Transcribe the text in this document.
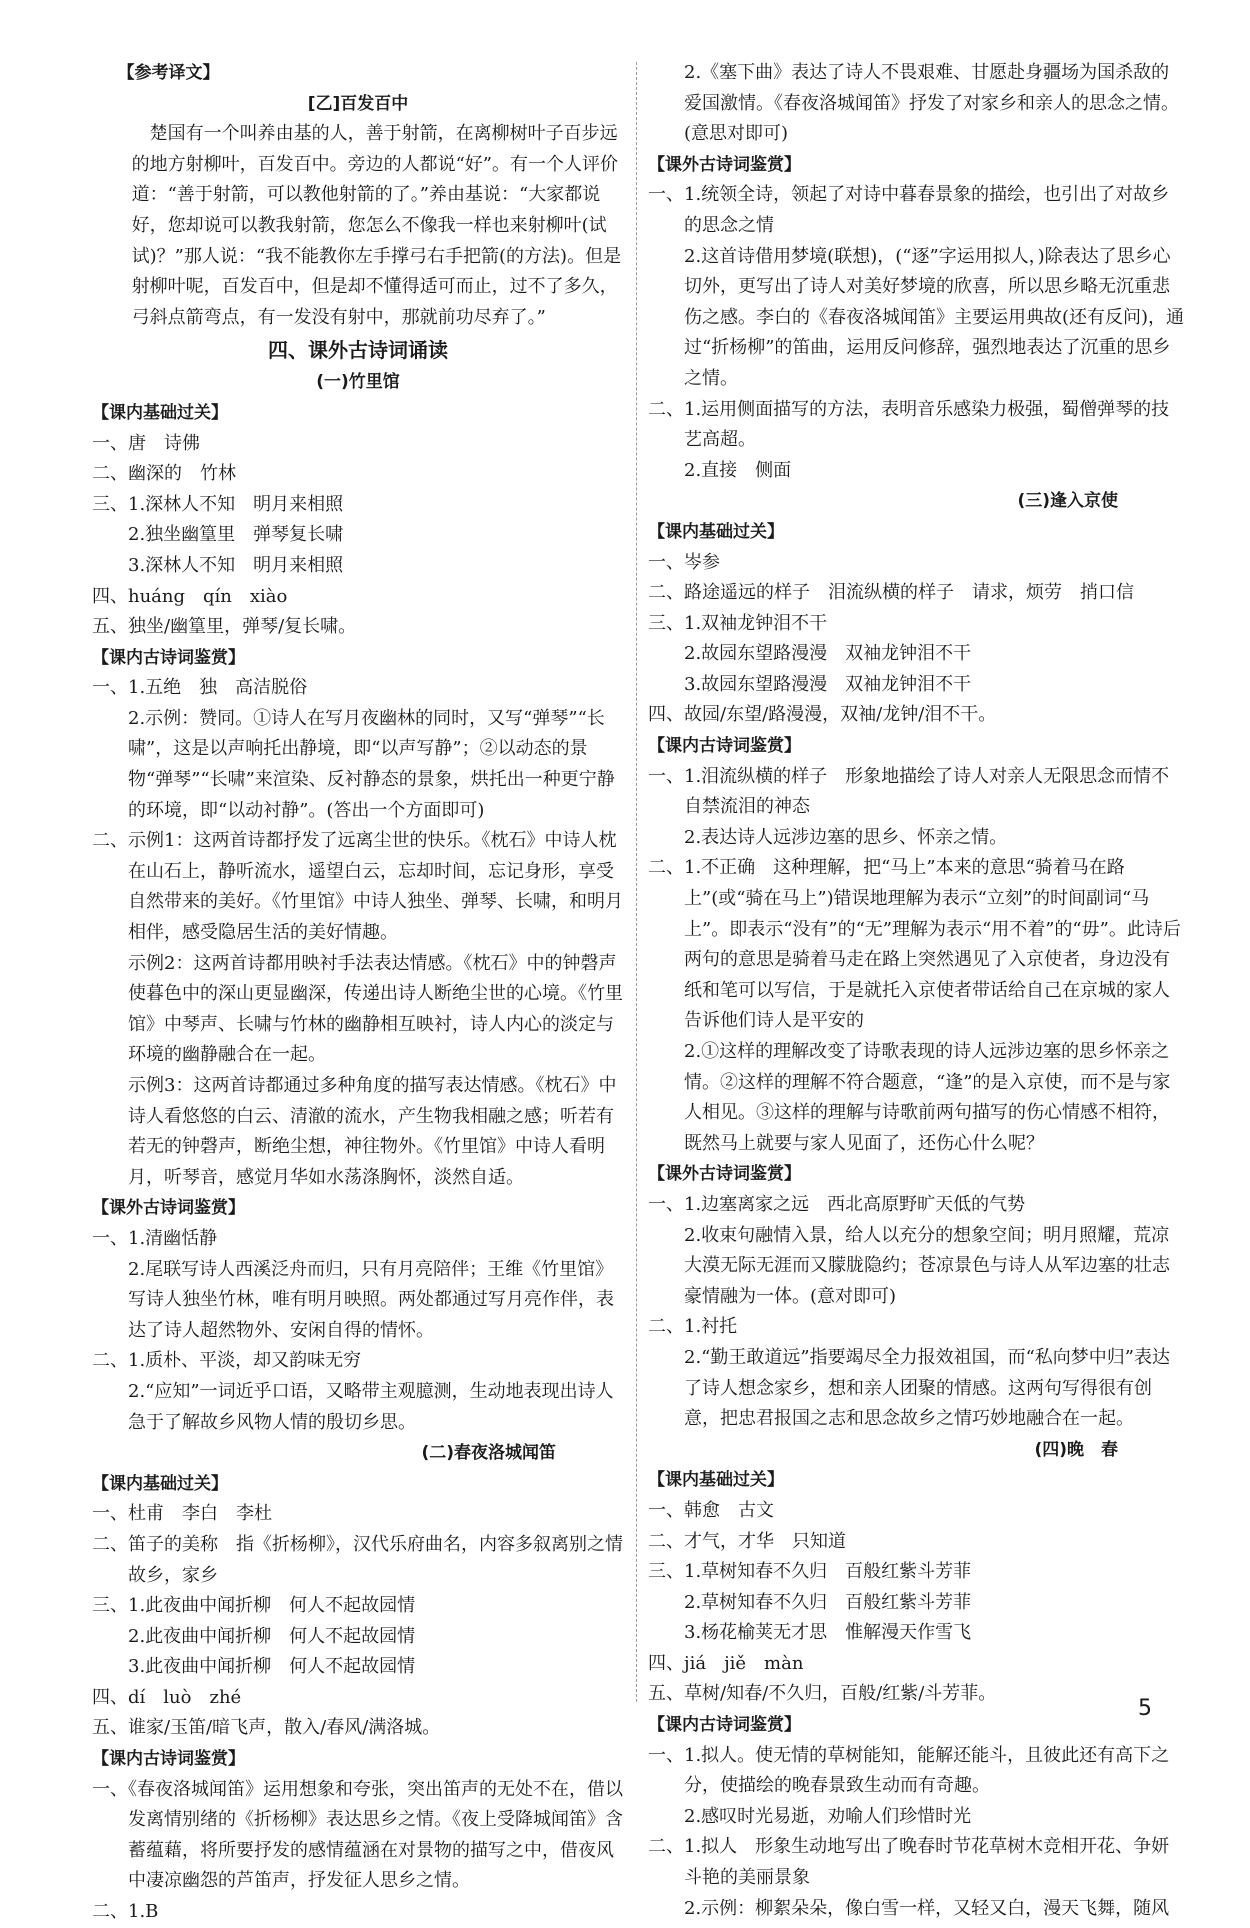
【参考译文】

[乙]百发百中

楚国有一个叫养由基的人，善于射箭，在离柳树叶子百步远的地方射柳叶，百发百中。旁边的人都说“好”。有一个人评价道：“善于射箭，可以教他射箭的了。”养由基说：“大家都说好，您却说可以教我射箭，您怎么不像我一样也来射柳叶(试试)？”那人说：“我不能教你左手撑弓右手把箭(的方法)。但是射柳叶呢，百发百中，但是却不懂得适可而止，过不了多久，弓斜点箭弯点，有一发没有射中，那就前功尽弃了。”

四、课外古诗词诵读

(一)竹里馆

【课内基础过关】

一、唐　诗佛

二、幽深的　竹林

三、1.深林人不知　明月来相照

2.独坐幽篁里　弹琴复长啸

3.深林人不知　明月来相照

四、huáng　qín　xiào

五、独坐/幽篁里，弹琴/复长啸。

【课内古诗词鉴赏】

一、1.五绝　独　高洁脱俗

2.示例：赞同。①诗人在写月夜幽林的同时，又写“弹琴”“长啸”，这是以声响托出静境，即“以声写静”；②以动态的景物“弹琴”“长啸”来渲染、反衬静态的景象，烘托出一种更宁静的环境，即“以动衬静”。(答出一个方面即可)

二、示例1：这两首诗都抒发了远离尘世的快乐。《枕石》中诗人枕在山石上，静听流水，遥望白云，忘却时间，忘记身形，享受自然带来的美好。《竹里馆》中诗人独坐、弹琴、长啸，和明月相伴，感受隐居生活的美好情趣。

示例2：这两首诗都用映衬手法表达情感。《枕石》中的钟磬声使暮色中的深山更显幽深，传递出诗人断绝尘世的心境。《竹里馆》中琴声、长啸与竹林的幽静相互映衬，诗人内心的淡定与环境的幽静融合在一起。

示例3：这两首诗都通过多种角度的描写表达情感。《枕石》中诗人看悠悠的白云、清澈的流水，产生物我相融之感；听若有若无的钟磬声，断绝尘想，神往物外。《竹里馆》中诗人看明月，听琴音，感觉月华如水荡涤胸怀，淡然自适。

【课外古诗词鉴赏】

一、1.清幽恬静

2.尾联写诗人西溪泛舟而归，只有月亮陪伴；王维《竹里馆》写诗人独坐竹林，唯有明月映照。两处都通过写月亮作伴，表达了诗人超然物外、安闲自得的情怀。

二、1.质朴、平淡，却又韵味无穷

2.“应知”一词近乎口语，又略带主观臆测，生动地表现出诗人急于了解故乡风物人情的殷切乡思。

(二)春夜洛城闻笛

【课内基础过关】

一、杜甫　李白　李杜

二、笛子的美称　指《折杨柳》，汉代乐府曲名，内容多叙离别之情　故乡，家乡

三、1.此夜曲中闻折柳　何人不起故园情

2.此夜曲中闻折柳　何人不起故园情

3.此夜曲中闻折柳　何人不起故园情

四、dí　luò　zhé

五、谁家/玉笛/暗飞声，散入/春风/满洛城。

【课内古诗词鉴赏】

一、《春夜洛城闻笛》运用想象和夸张，突出笛声的无处不在，借以发离情别绪的《折杨柳》表达思乡之情。《夜上受降城闻笛》含蓄蕴藉，将所要抒发的感情蕴涵在对景物的描写之中，借夜风中凄凉幽怨的芦笛声，抒发征人思乡之情。

二、1.B

2.《塞下曲》表达了诗人不畏艰难、甘愿赴身疆场为国杀敌的爱国激情。《春夜洛城闻笛》抒发了对家乡和亲人的思念之情。(意思对即可)

【课外古诗词鉴赏】

一、1.统领全诗，领起了对诗中暮春景象的描绘，也引出了对故乡的思念之情

2.这首诗借用梦境(联想)，(“逐”字运用拟人，)除表达了思乡心切外，更写出了诗人对美好梦境的欣喜，所以思乡略无沉重悲伤之感。李白的《春夜洛城闻笛》主要运用典故(还有反问)，通过“折杨柳”的笛曲，运用反问修辞，强烈地表达了沉重的思乡之情。

二、1.运用侧面描写的方法，表明音乐感染力极强，蜀僧弹琴的技艺高超。

2.直接　侧面

(三)逢入京使

【课内基础过关】

一、岑参

二、路途遥远的样子　泪流纵横的样子　请求，烦劳　捎口信

三、1.双袖龙钟泪不干

2.故园东望路漫漫　双袖龙钟泪不干

3.故园东望路漫漫　双袖龙钟泪不干

四、故园/东望/路漫漫，双袖/龙钟/泪不干。

【课内古诗词鉴赏】

一、1.泪流纵横的样子　形象地描绘了诗人对亲人无限思念而情不自禁流泪的神态

2.表达诗人远涉边塞的思乡、怀亲之情。

二、1.不正确　这种理解，把“马上”本来的意思“骑着马在路上”(或“骑在马上”)错误地理解为表示“立刻”的时间副词“马上”。即表示“没有”的“无”理解为表示“用不着”的“毋”。此诗后两句的意思是骑着马走在路上突然遇见了入京使者，身边没有纸和笔可以写信，于是就托入京使者带话给自己在京城的家人告诉他们诗人是平安的

2.①这样的理解改变了诗歌表现的诗人远涉边塞的思乡怀亲之情。②这样的理解不符合题意，“逢”的是入京使，而不是与家人相见。③这样的理解与诗歌前两句描写的伤心情感不相符，既然马上就要与家人见面了，还伤心什么呢？

【课外古诗词鉴赏】

一、1.边塞离家之远　西北高原野旷天低的气势

2.收束句融情入景，给人以充分的想象空间；明月照耀，荒凉大漠无际无涯而又朦胧隐约；苍凉景色与诗人从军边塞的壮志豪情融为一体。(意对即可)

二、1.衬托

2.“勤王敢道远”指要竭尽全力报效祖国，而“私向梦中归”表达了诗人想念家乡，想和亲人团聚的情感。这两句写得很有创意，把忠君报国之志和思念故乡之情巧妙地融合在一起。

(四)晚　春

【课内基础过关】

一、韩愈　古文

二、才气，才华　只知道

三、1.草树知春不久归　百般红紫斗芳菲

2.草树知春不久归　百般红紫斗芳菲

3.杨花榆荚无才思　惟解漫天作雪飞

四、jiá　jiě　màn

五、草树/知春/不久归，百般/红紫/斗芳菲。

【课内古诗词鉴赏】

一、1.拟人。使无情的草树能知，能解还能斗，且彼此还有高下之分，使描绘的晚春景致生动而有奇趣。

2.感叹时光易逝，劝喻人们珍惜时光

二、1.拟人　形象生动地写出了晚春时节花草树木竞相开花、争妍斗艳的美丽景象

2.示例：柳絮朵朵，像白雪一样，又轻又白，漫天飞舞，随风

5
